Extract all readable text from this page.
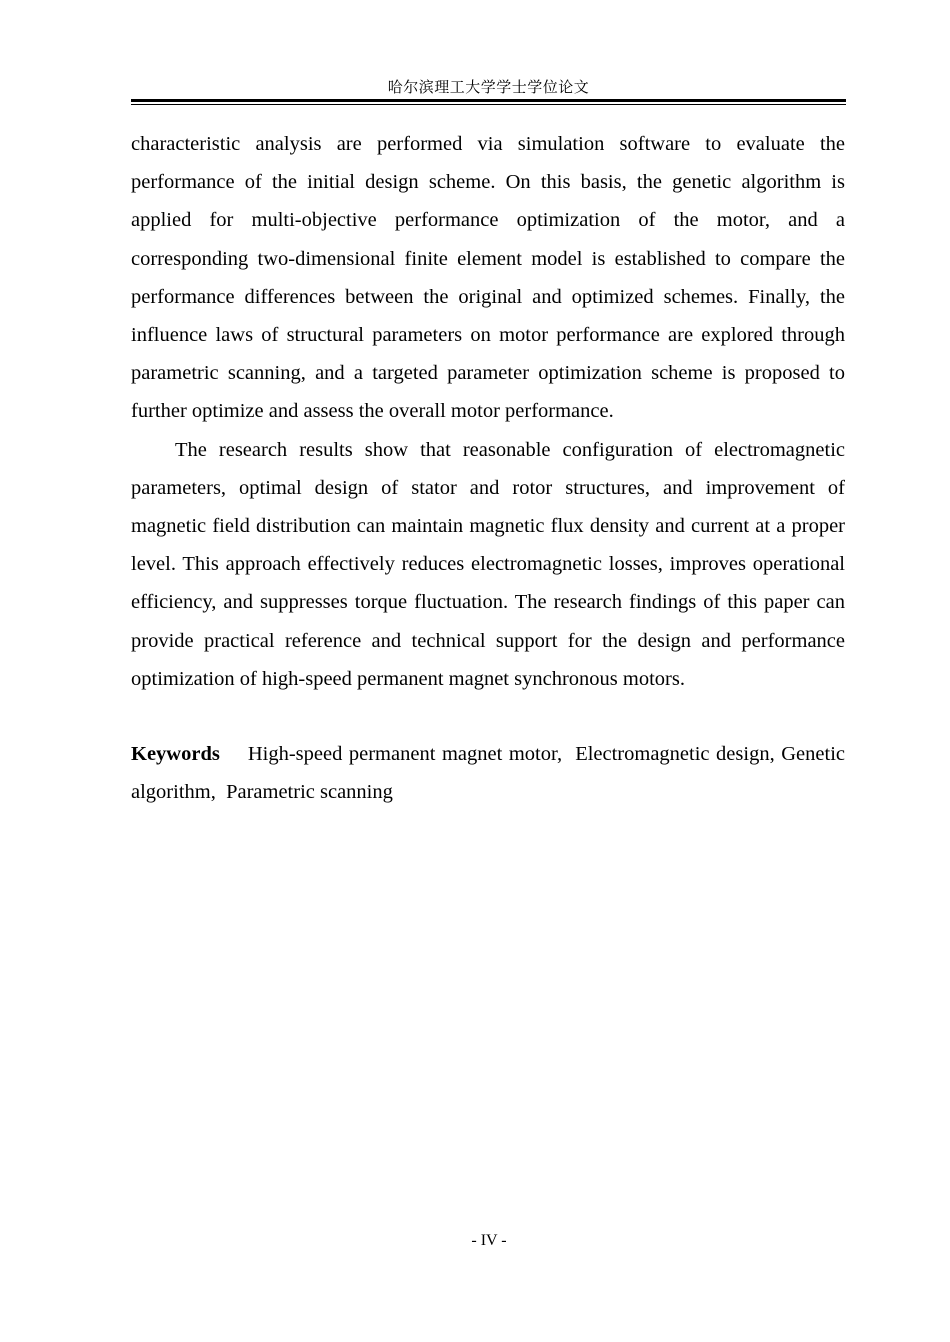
哈尔滨理工大学学士学位论文

characteristic analysis are performed via simulation software to evaluate the performance of the initial design scheme. On this basis, the genetic algorithm is applied for multi-objective performance optimization of the motor, and a corresponding two-dimensional finite element model is established to compare the performance differences between the original and optimized schemes. Finally, the influence laws of structural parameters on motor performance are explored through parametric scanning, and a targeted parameter optimization scheme is proposed to further optimize and assess the overall motor performance.

The research results show that reasonable configuration of electromagnetic parameters, optimal design of stator and rotor structures, and improvement of magnetic field distribution can maintain magnetic flux density and current at a proper level. This approach effectively reduces electromagnetic losses, improves operational efficiency, and suppresses torque fluctuation. The research findings of this paper can provide practical reference and technical support for the design and performance optimization of high-speed permanent magnet synchronous motors.

Keywords High-speed permanent magnet motor,  Electromagnetic design, Genetic algorithm,  Parametric scanning
- IV -
